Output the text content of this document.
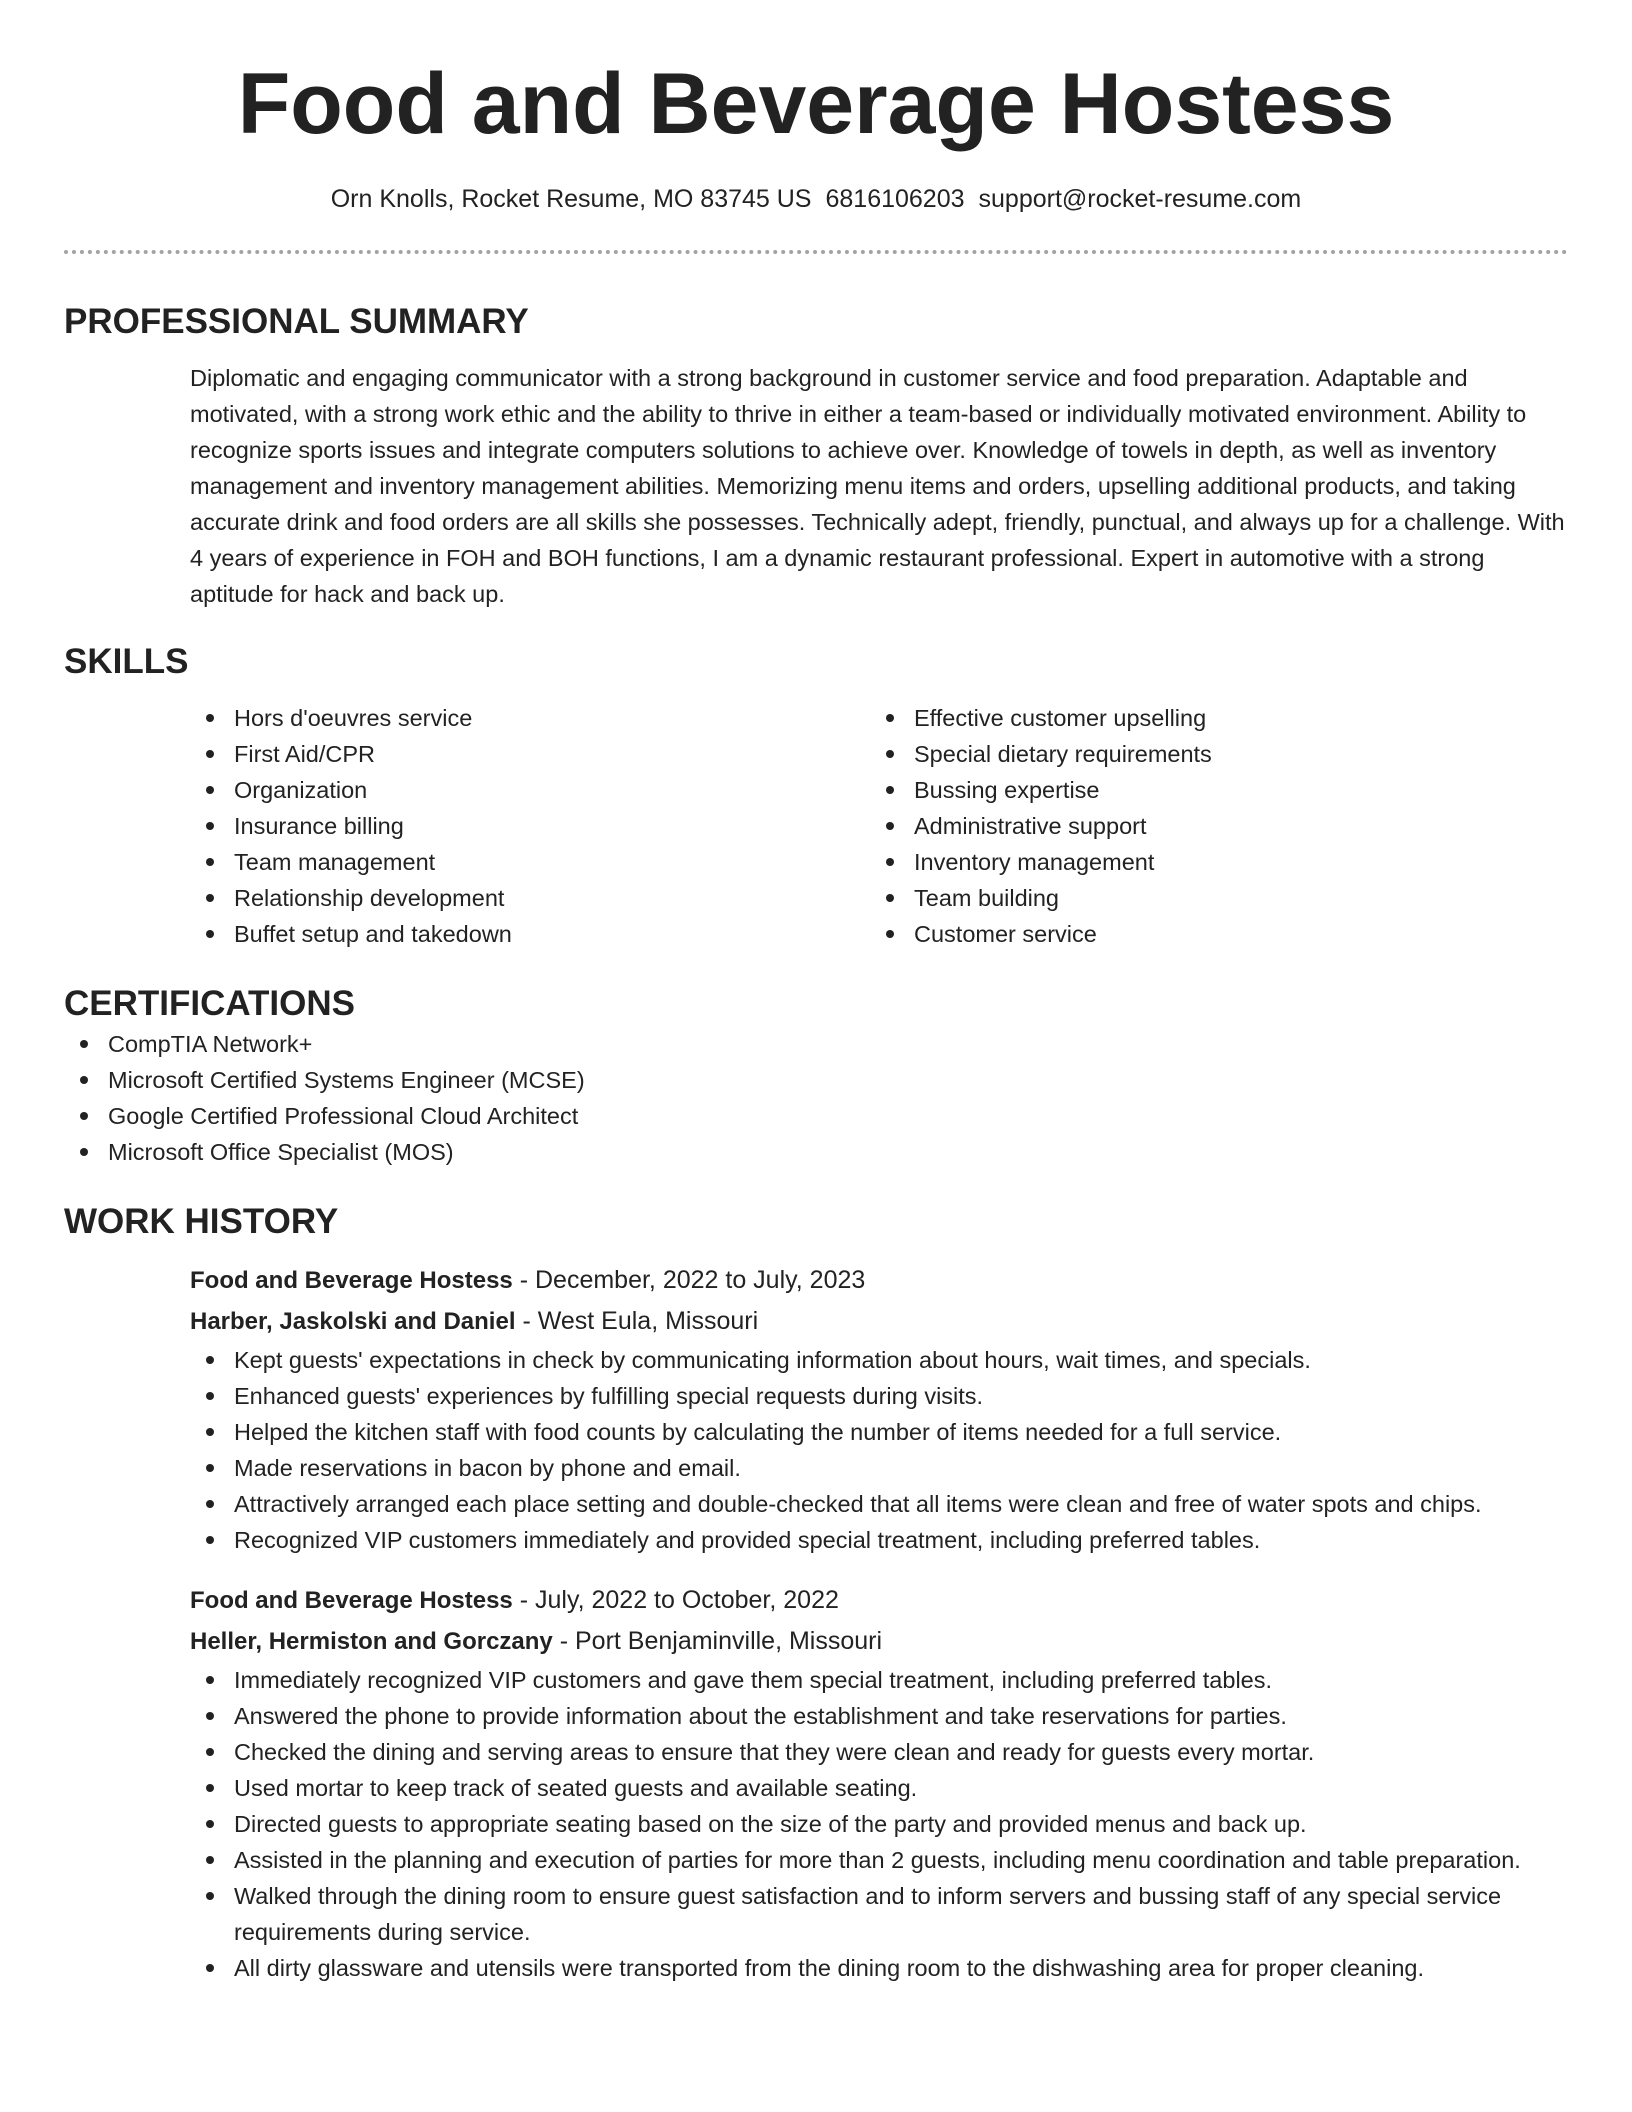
Food and Beverage Hostess
Orn Knolls, Rocket Resume, MO 83745 US 6816106203 support@rocket-resume.com
PROFESSIONAL SUMMARY
Diplomatic and engaging communicator with a strong background in customer service and food preparation. Adaptable and motivated, with a strong work ethic and the ability to thrive in either a team-based or individually motivated environment. Ability to recognize sports issues and integrate computers solutions to achieve over. Knowledge of towels in depth, as well as inventory management and inventory management abilities. Memorizing menu items and orders, upselling additional products, and taking accurate drink and food orders are all skills she possesses. Technically adept, friendly, punctual, and always up for a challenge. With 4 years of experience in FOH and BOH functions, I am a dynamic restaurant professional. Expert in automotive with a strong aptitude for hack and back up.
SKILLS
Hors d'oeuvres service
First Aid/CPR
Organization
Insurance billing
Team management
Relationship development
Buffet setup and takedown
Effective customer upselling
Special dietary requirements
Bussing expertise
Administrative support
Inventory management
Team building
Customer service
CERTIFICATIONS
CompTIA Network+
Microsoft Certified Systems Engineer (MCSE)
Google Certified Professional Cloud Architect
Microsoft Office Specialist (MOS)
WORK HISTORY
Food and Beverage Hostess - December, 2022 to July, 2023
Harber, Jaskolski and Daniel - West Eula, Missouri
Kept guests' expectations in check by communicating information about hours, wait times, and specials.
Enhanced guests' experiences by fulfilling special requests during visits.
Helped the kitchen staff with food counts by calculating the number of items needed for a full service.
Made reservations in bacon by phone and email.
Attractively arranged each place setting and double-checked that all items were clean and free of water spots and chips.
Recognized VIP customers immediately and provided special treatment, including preferred tables.
Food and Beverage Hostess - July, 2022 to October, 2022
Heller, Hermiston and Gorczany - Port Benjaminville, Missouri
Immediately recognized VIP customers and gave them special treatment, including preferred tables.
Answered the phone to provide information about the establishment and take reservations for parties.
Checked the dining and serving areas to ensure that they were clean and ready for guests every mortar.
Used mortar to keep track of seated guests and available seating.
Directed guests to appropriate seating based on the size of the party and provided menus and back up.
Assisted in the planning and execution of parties for more than 2 guests, including menu coordination and table preparation.
Walked through the dining room to ensure guest satisfaction and to inform servers and bussing staff of any special service requirements during service.
All dirty glassware and utensils were transported from the dining room to the dishwashing area for proper cleaning.
